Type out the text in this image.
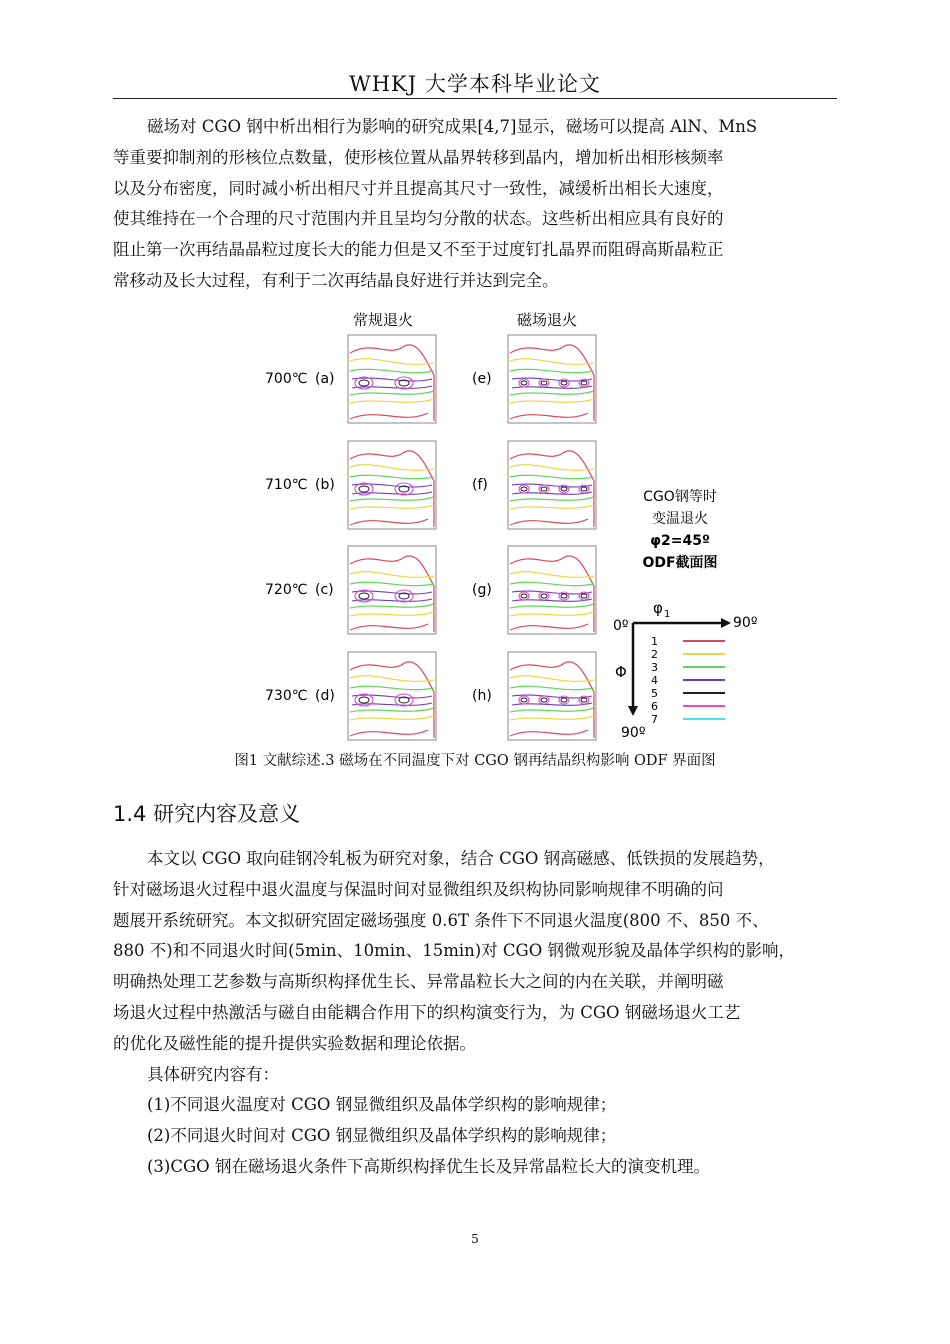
WHKJ 大学本科毕业论文
磁场对 CGO 钢中析出相行为影响的研究成果[4,7]显示，磁场可以提高 AlN、MnS
等重要抑制剂的形核位点数量，使形核位置从晶界转移到晶内，增加析出相形核频率
以及分布密度，同时减小析出相尺寸并且提高其尺寸一致性，减缓析出相长大速度，
使其维持在一个合理的尺寸范围内并且呈均匀分散的状态。这些析出相应具有良好的
阻止第一次再结晶晶粒过度长大的能力但是又不至于过度钉扎晶界而阻碍高斯晶粒正
常移动及长大过程，有利于二次再结晶良好进行并达到完全。
常规退火	磁场退火
700℃ (a)	(e)
710℃ (b)	(f)
720℃ (c)	(g)
730℃ (d)	(h)
CGO钢等时
变温退火
φ2=45º
ODF截面图
0º
φ 1
90º
Φ
90º
1
2
3
4
5
6
7
图1 文献综述.3 磁场在不同温度下对 CGO 钢再结晶织构影响 ODF 界面图
1.4 研究内容及意义
本文以 CGO 取向硅钢冷轧板为研究对象，结合 CGO 钢高磁感、低铁损的发展趋势，
针对磁场退火过程中退火温度与保温时间对显微组织及织构协同影响规律不明确的问
题展开系统研究。本文拟研究固定磁场强度 0.6T 条件下不同退火温度(800 不、850 不、
880 不)和不同退火时间(5min、10min、15min)对 CGO 钢微观形貌及晶体学织构的影响，
明确热处理工艺参数与高斯织构择优生长、异常晶粒长大之间的内在关联，并阐明磁
场退火过程中热激活与磁自由能耦合作用下的织构演变行为，为 CGO 钢磁场退火工艺
的优化及磁性能的提升提供实验数据和理论依据。
具体研究内容有：
(1)不同退火温度对 CGO 钢显微组织及晶体学织构的影响规律；
(2)不同退火时间对 CGO 钢显微组织及晶体学织构的影响规律；
(3)CGO 钢在磁场退火条件下高斯织构择优生长及异常晶粒长大的演变机理。
5
